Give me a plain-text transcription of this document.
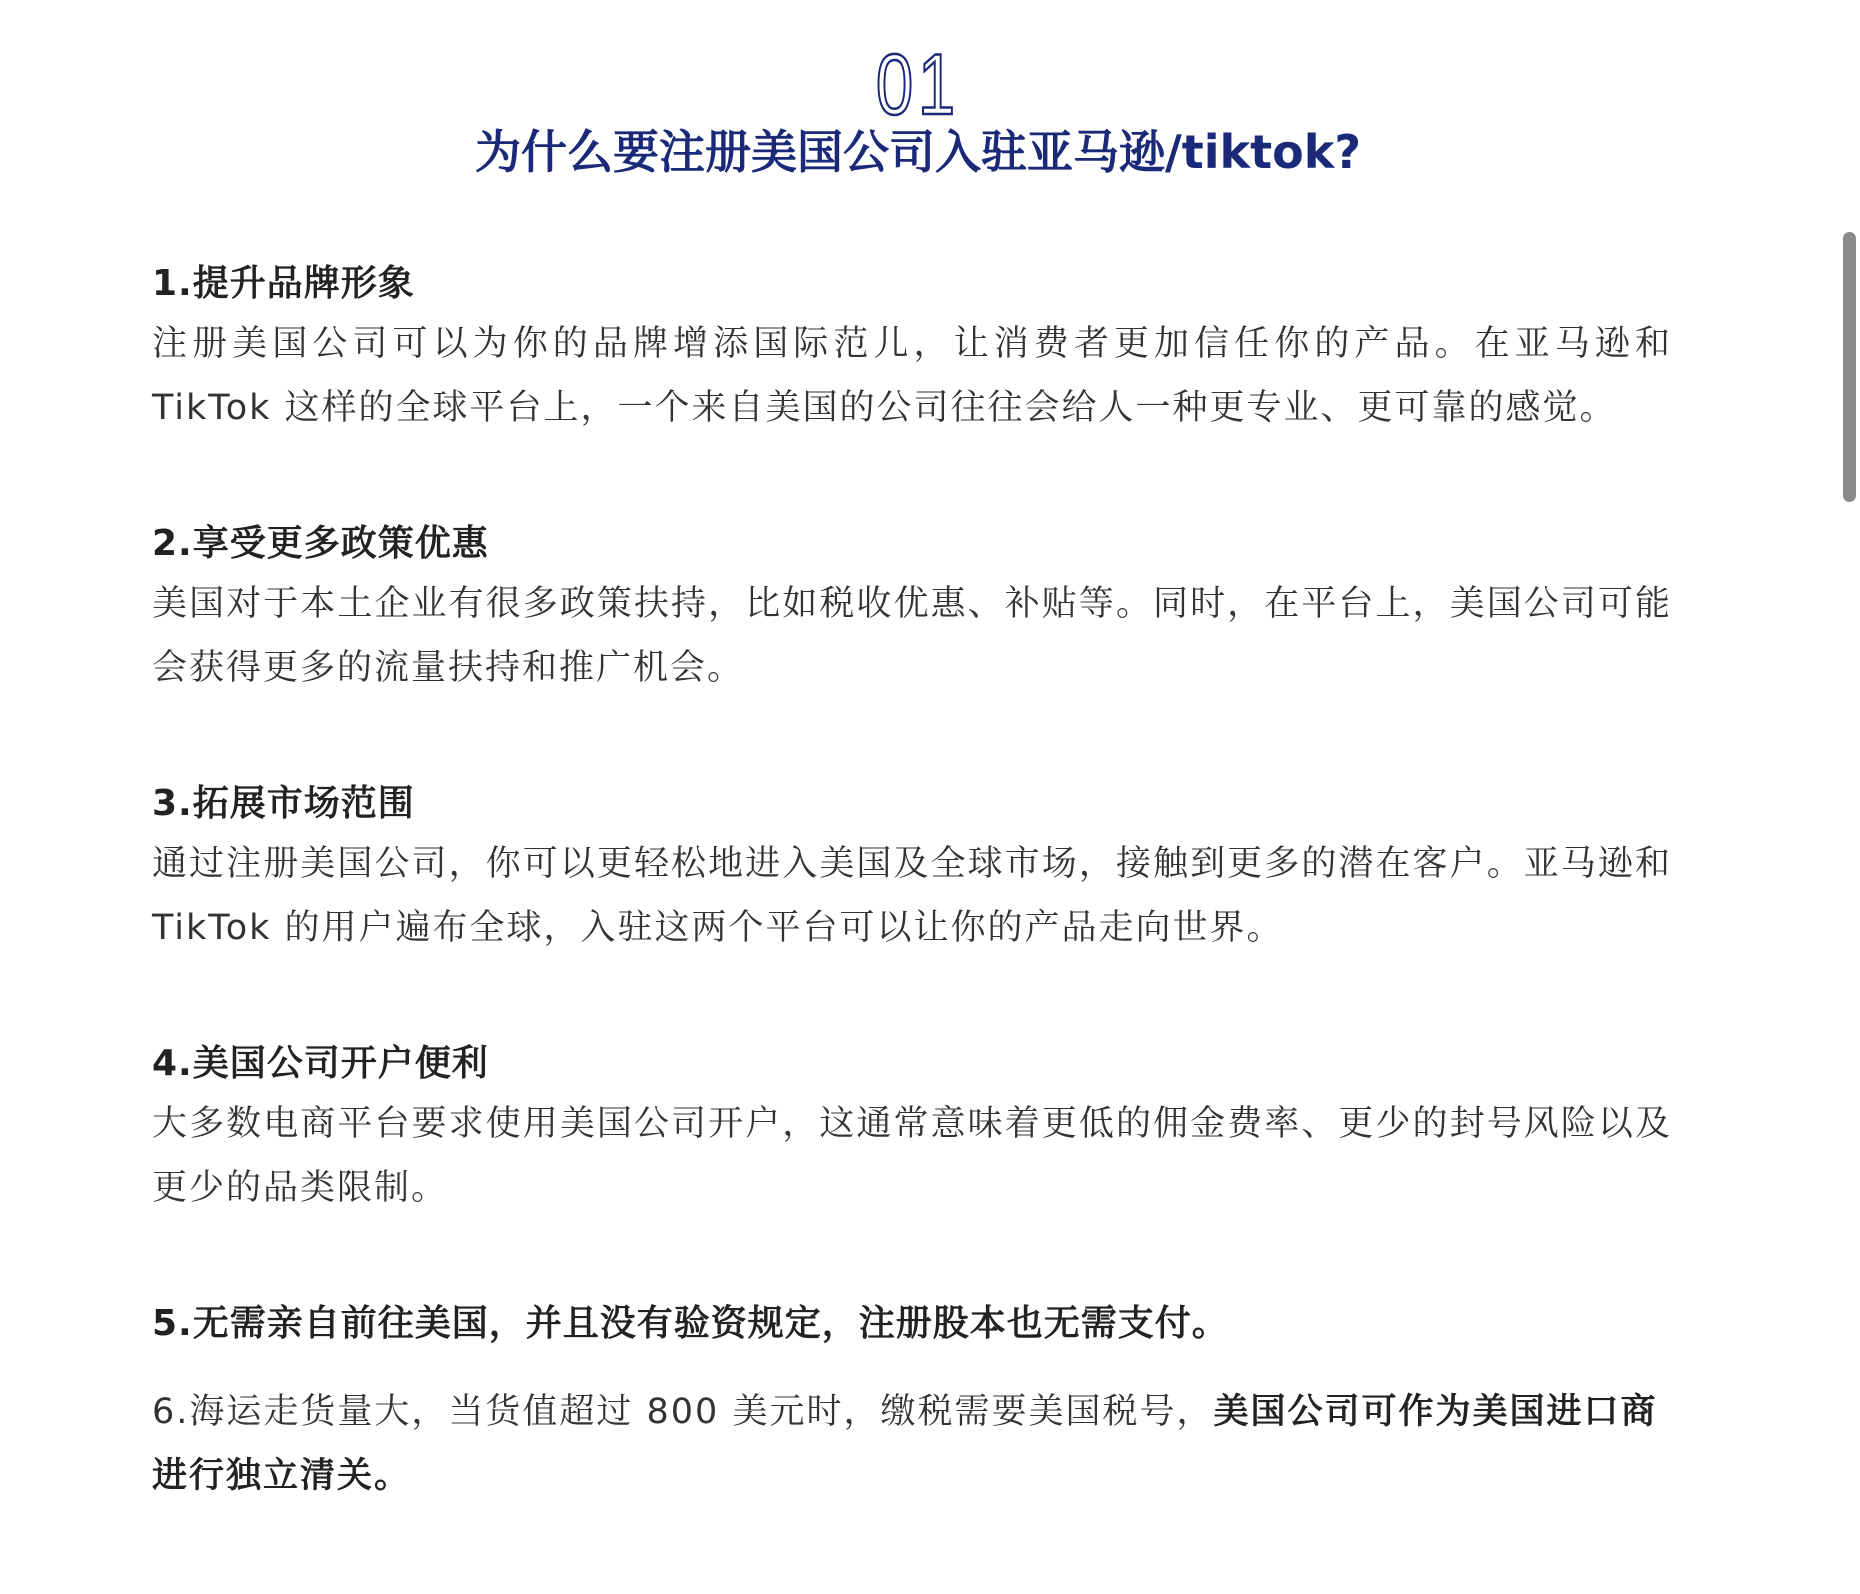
01
为什么要注册美国公司入驻亚马逊/tiktok?
1.提升品牌形象
注册美国公司可以为你的品牌增添国际范儿，让消费者更加信任你的产品。在亚马逊和 TikTok 这样的全球平台上，一个来自美国的公司往往会给人一种更专业、更可靠的感觉。
2.享受更多政策优惠
美国对于本土企业有很多政策扶持，比如税收优惠、补贴等。同时，在平台上，美国公司可能会获得更多的流量扶持和推广机会。
3.拓展市场范围
通过注册美国公司，你可以更轻松地进入美国及全球市场，接触到更多的潜在客户。亚马逊和 TikTok 的用户遍布全球，入驻这两个平台可以让你的产品走向世界。
4.美国公司开户便利
大多数电商平台要求使用美国公司开户，这通常意味着更低的佣金费率、更少的封号风险以及更少的品类限制。
5.无需亲自前往美国，并且没有验资规定，注册股本也无需支付。
6.海运走货量大，当货值超过 800 美元时，缴税需要美国税号，美国公司可作为美国进口商进行独立清关。
